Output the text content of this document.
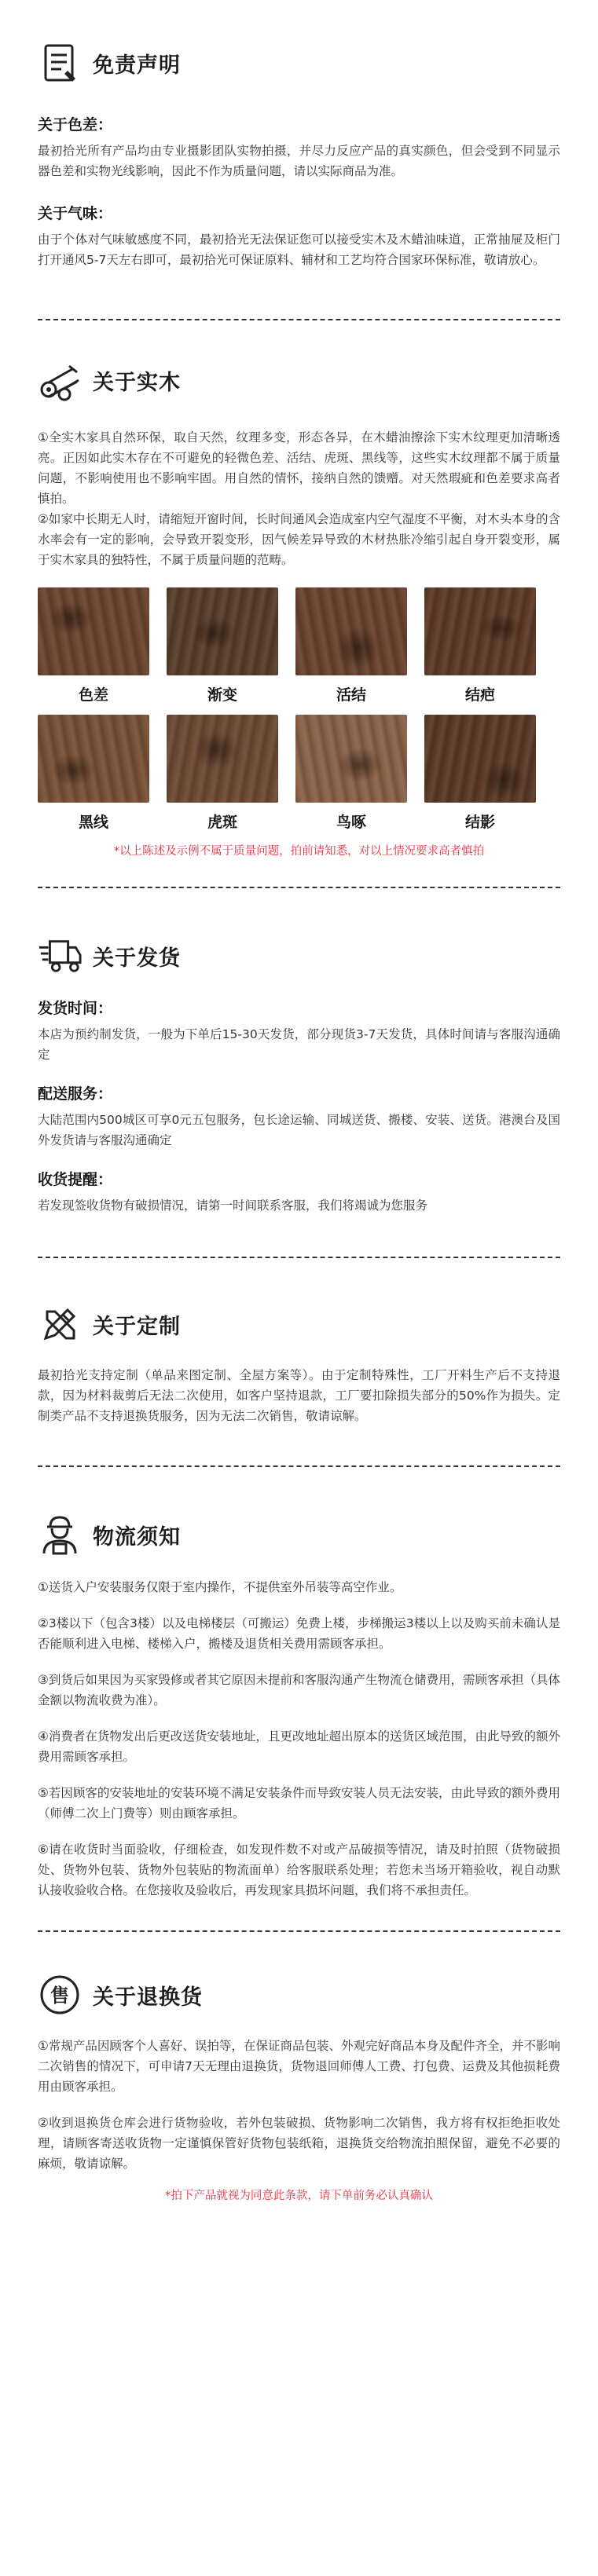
免责声明
关于色差：
最初拾光所有产品均由专业摄影团队实物拍摄，并尽力反应产品的真实颜色，但会受到不同显示器色差和实物光线影响，因此不作为质量问题，请以实际商品为准。
关于气味：
由于个体对气味敏感度不同，最初拾光无法保证您可以接受实木及木蜡油味道，正常抽屉及柜门打开通风5-7天左右即可，最初拾光可保证原料、辅材和工艺均符合国家环保标准，敬请放心。
关于实木
①全实木家具自然环保，取自天然，纹理多变，形态各异，在木蜡油擦涂下实木纹理更加清晰透亮。正因如此实木存在不可避免的轻微色差、活结、虎斑、黑线等，这些实木纹理都不属于质量问题，不影响使用也不影响牢固。用自然的情怀，接纳自然的馈赠。对天然瑕疵和色差要求高者慎拍。
②如家中长期无人时，请缩短开窗时间，长时间通风会造成室内空气湿度不平衡，对木头本身的含水率会有一定的影响，会导致开裂变形，因气候差异导致的木材热胀冷缩引起自身开裂变形，属于实木家具的独特性，不属于质量问题的范畴。
色差	渐变	活结	结疤
黑线	虎斑	鸟啄	结影
*以上陈述及示例不属于质量问题，拍前请知悉，对以上情况要求高者慎拍
关于发货
发货时间：
本店为预约制发货，一般为下单后15-30天发货，部分现货3-7天发货，具体时间请与客服沟通确定
配送服务：
大陆范围内500城区可享0元五包服务，包长途运输、同城送货、搬楼、安装、送货。港澳台及国外发货请与客服沟通确定
收货提醒：
若发现签收货物有破损情况，请第一时间联系客服，我们将竭诚为您服务
关于定制
最初拾光支持定制（单品来图定制、全屋方案等）。由于定制特殊性，工厂开料生产后不支持退款，因为材料裁剪后无法二次使用，如客户坚持退款，工厂要扣除损失部分的50%作为损失。定制类产品不支持退换货服务，因为无法二次销售，敬请谅解。
物流须知
①送货入户安装服务仅限于室内操作，不提供室外吊装等高空作业。
②3楼以下（包含3楼）以及电梯楼层（可搬运）免费上楼，步梯搬运3楼以上以及购买前未确认是否能顺利进入电梯、楼梯入户，搬楼及退货相关费用需顾客承担。
③到货后如果因为买家毁修或者其它原因未提前和客服沟通产生物流仓储费用，需顾客承担（具体金额以物流收费为准）。
④消费者在货物发出后更改送货安装地址，且更改地址超出原本的送货区域范围，由此导致的额外费用需顾客承担。
⑤若因顾客的安装地址的安装环境不满足安装条件而导致安装人员无法安装，由此导致的额外费用（师傅二次上门费等）则由顾客承担。
⑥请在收货时当面验收，仔细检查，如发现件数不对或产品破损等情况，请及时拍照（货物破损处、货物外包装、货物外包装贴的物流面单）给客服联系处理；若您未当场开箱验收，视自动默认接收验收合格。在您接收及验收后，再发现家具损坏问题，我们将不承担责任。
售 关于退换货
①常规产品因顾客个人喜好、误拍等，在保证商品包装、外观完好商品本身及配件齐全，并不影响二次销售的情况下，可申请7天无理由退换货，货物退回师傅人工费、打包费、运费及其他损耗费用由顾客承担。
②收到退换货仓库会进行货物验收，若外包装破损、货物影响二次销售，我方将有权拒绝拒收处理，请顾客寄送收货物一定谨慎保管好货物包装纸箱，退换货交给物流拍照保留，避免不必要的麻烦，敬请谅解。
*拍下产品就视为同意此条款，请下单前务必认真确认
